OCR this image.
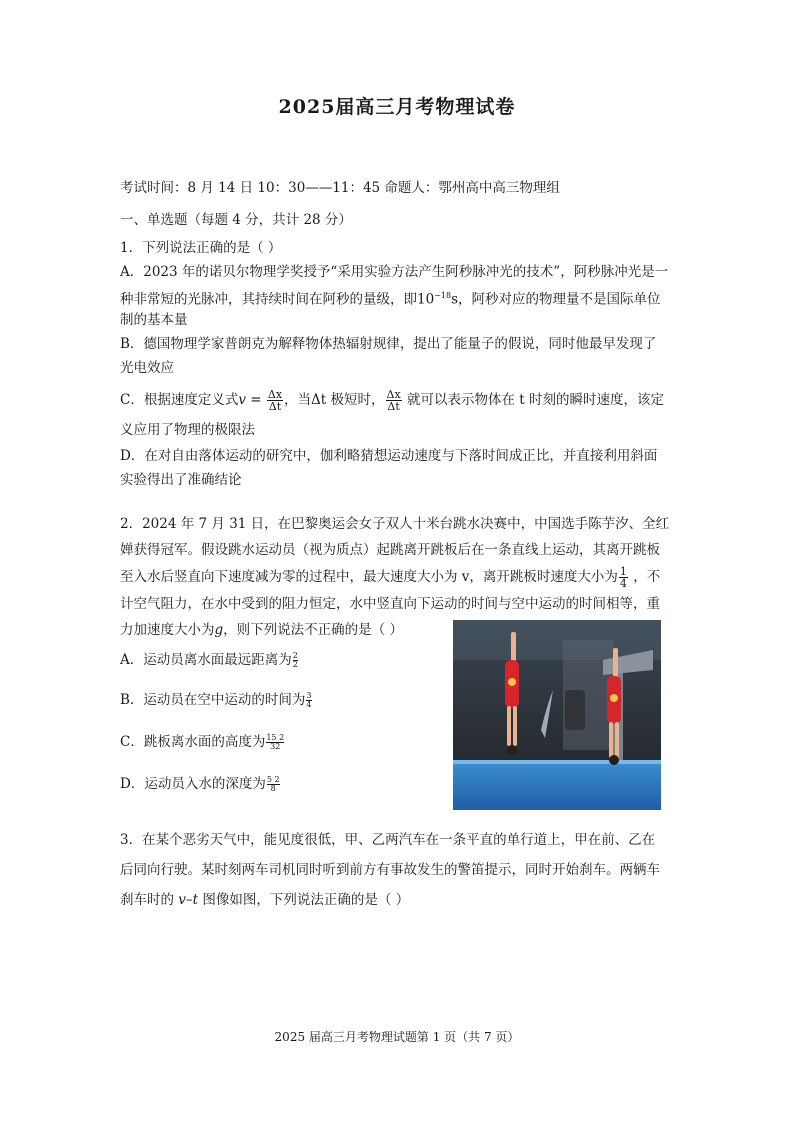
2025届高三月考物理试卷
考试时间：8 月 14 日 10：30——11：45 命题人：鄂州高中高三物理组
一、单选题（每题 4 分，共计 28 分）
1．下列说法正确的是（ ）
A．2023 年的诺贝尔物理学奖授予“采用实验方法产生阿秒脉冲光的技术”，阿秒脉冲光是一
种非常短的光脉冲，其持续时间在阿秒的量级，即$10^{-18}s$，阿秒对应的物理量不是国际单位
制的基本量
B．德国物理学家普朗克为解释物体热辐射规律，提出了能量子的假说，同时他最早发现了
光电效应
C．根据速度定义式$v = \frac{\Delta x}{\Delta t}$ ，当Δt 极短时， $\frac{\Delta x}{\Delta t}$ 就可以表示物体在 t 时刻的瞬时速度，该定
义应用了物理的极限法
D．在对自由落体运动的研究中，伽利略猜想运动速度与下落时间成正比，并直接利用斜面
实验得出了准确结论
2．2024 年 7 月 31 日，在巴黎奥运会女子双人十米台跳水决赛中，中国选手陈芋汐、全红
婵获得冠军。假设跳水运动员（视为质点）起跳离开跳板后在一条直线上运动，其离开跳板
至入水后竖直向下速度减为零的过程中，最大速度大小为 v，离开跳板时速度大小为 $\frac{1}{4}$ ，不
计空气阻力，在水中受到的阻力恒定，水中竖直向下运动的时间与空中运动的时间相等，重
力加速度大小为g，则下列说法不正确的是（ ）
A．运动员离水面最远距离为 $\frac{2}{2}$
B．运动员在空中运动的时间为 $\frac{3}{4}$
C．跳板离水面的高度为 $\frac{15 2}{32}$
D．运动员入水的深度为 $\frac{5 2}{8}$
3．在某个恶劣天气中，能见度很低，甲、乙两汽车在一条平直的单行道上，甲在前、乙在
后同向行驶。某时刻两车司机同时听到前方有事故发生的警笛提示，同时开始刹车。两辆车
刹车时的 v–t 图像如图，下列说法正确的是（ ）
2025 届高三月考物理试题第 1 页（共 7 页）
